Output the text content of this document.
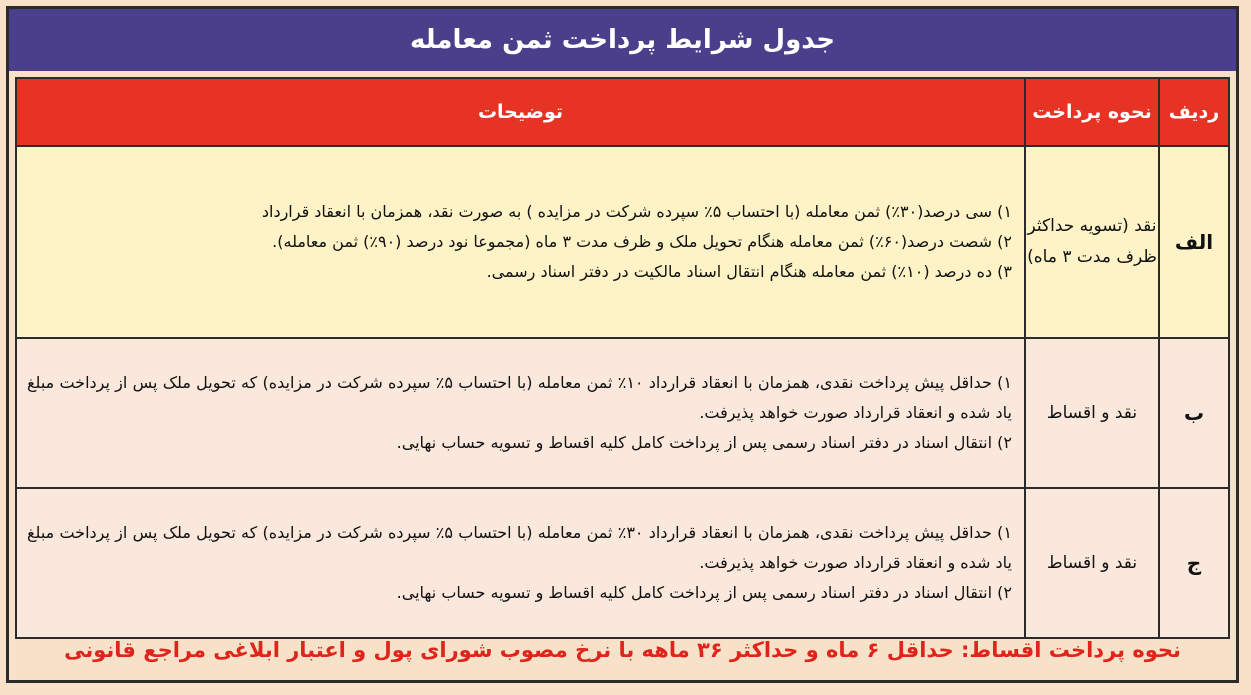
جدول شرایط پرداخت ثمن معامله
ردیف	نحوه پرداخت	توضیحات
الف	نقد (تسویه حداکثر ظرف مدت ۳ ماه)	۱) سی درصد(۳۰٪) ثمن معامله (با احتساب ۵٪ سپرده شرکت در مزایده ) به صورت نقد، همزمان با انعقاد قرارداد
۲) شصت درصد(۶۰٪) ثمن معامله هنگام تحویل ملک و ظرف مدت ۳ ماه (مجموعا نود درصد (۹۰٪) ثمن معامله).
۳) ده درصد (۱۰٪) ثمن معامله هنگام انتقال اسناد مالکیت در دفتر اسناد رسمی.

ب	نقد و اقساط	۱) حداقل پیش پرداخت نقدی، همزمان با انعقاد قرارداد ۱۰٪ ثمن معامله (با احتساب ۵٪ سپرده شرکت در مزایده) که تحویل ملک پس از پرداخت مبلغ یاد شده و انعقاد قرارداد صورت خواهد پذیرفت.
۲) انتقال اسناد در دفتر اسناد رسمی پس از پرداخت کامل کلیه اقساط و تسویه حساب نهایی.

ج	نقد و اقساط	۱) حداقل پیش پرداخت نقدی، همزمان با انعقاد قرارداد ۳۰٪ ثمن معامله (با احتساب ۵٪ سپرده شرکت در مزایده) که تحویل ملک پس از پرداخت مبلغ یاد شده و انعقاد قرارداد صورت خواهد پذیرفت.
۲) انتقال اسناد در دفتر اسناد رسمی پس از پرداخت کامل کلیه اقساط و تسویه حساب نهایی.
نحوه پرداخت اقساط: حداقل ۶ ماه و حداکثر ۳۶ ماهه با نرخ مصوب شورای پول و اعتبار ابلاغی مراجع قانونی
